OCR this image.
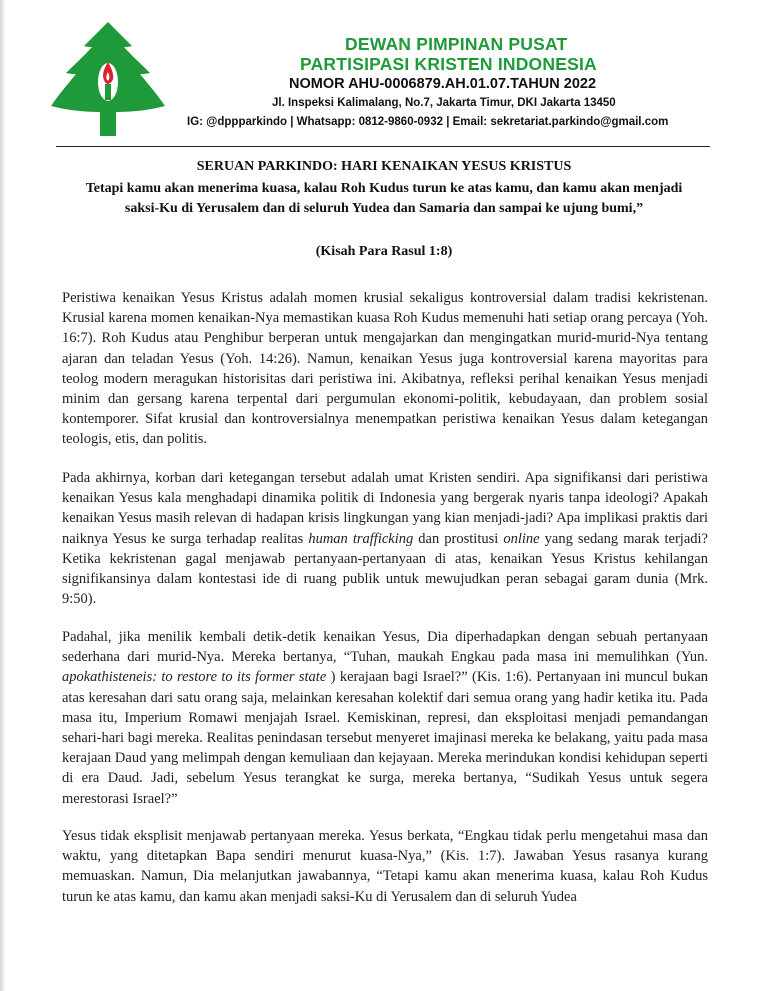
DEWAN PIMPINAN PUSAT
PARTISIPASI KRISTEN INDONESIA
NOMOR AHU-0006879.AH.01.07.TAHUN 2022
Jl. Inspeksi Kalimalang, No.7, Jakarta Timur, DKI Jakarta 13450
IG: @dppparkindo | Whatsapp: 0812-9860-0932 | Email: sekretariat.parkindo@gmail.com
SERUAN PARKINDO: HARI KENAIKAN YESUS KRISTUS
Tetapi kamu akan menerima kuasa, kalau Roh Kudus turun ke atas kamu, dan kamu akan menjadi saksi-Ku di Yerusalem dan di seluruh Yudea dan Samaria dan sampai ke ujung bumi,”
(Kisah Para Rasul 1:8)

Peristiwa kenaikan Yesus Kristus adalah momen krusial sekaligus kontroversial dalam tradisi kekristenan. Krusial karena momen kenaikan-Nya memastikan kuasa Roh Kudus memenuhi hati setiap orang percaya (Yoh. 16:7). Roh Kudus atau Penghibur berperan untuk mengajarkan dan mengingatkan murid-murid-Nya tentang ajaran dan teladan Yesus (Yoh. 14:26). Namun, kenaikan Yesus juga kontroversial karena mayoritas para teolog modern meragukan historisitas dari peristiwa ini. Akibatnya, refleksi perihal kenaikan Yesus menjadi minim dan gersang karena terpental dari pergumulan ekonomi-politik, kebudayaan, dan problem sosial kontemporer. Sifat krusial dan kontroversialnya menempatkan peristiwa kenaikan Yesus dalam ketegangan teologis, etis, dan politis.

Pada akhirnya, korban dari ketegangan tersebut adalah umat Kristen sendiri. Apa signifikansi dari peristiwa kenaikan Yesus kala menghadapi dinamika politik di Indonesia yang bergerak nyaris tanpa ideologi? Apakah kenaikan Yesus masih relevan di hadapan krisis lingkungan yang kian menjadi-jadi? Apa implikasi praktis dari naiknya Yesus ke surga terhadap realitas human trafficking dan prostitusi online yang sedang marak terjadi? Ketika kekristenan gagal menjawab pertanyaan-pertanyaan di atas, kenaikan Yesus Kristus kehilangan signifikansinya dalam kontestasi ide di ruang publik untuk mewujudkan peran sebagai garam dunia (Mrk. 9:50).

Padahal, jika menilik kembali detik-detik kenaikan Yesus, Dia diperhadapkan dengan sebuah pertanyaan sederhana dari murid-Nya. Mereka bertanya, “Tuhan, maukah Engkau pada masa ini memulihkan (Yun. apokathisteneis: to restore to its former state ) kerajaan bagi Israel?” (Kis. 1:6). Pertanyaan ini muncul bukan atas keresahan dari satu orang saja, melainkan keresahan kolektif dari semua orang yang hadir ketika itu. Pada masa itu, Imperium Romawi menjajah Israel. Kemiskinan, represi, dan eksploitasi menjadi pemandangan sehari-hari bagi mereka. Realitas penindasan tersebut menyeret imajinasi mereka ke belakang, yaitu pada masa kerajaan Daud yang melimpah dengan kemuliaan dan kejayaan. Mereka merindukan kondisi kehidupan seperti di era Daud. Jadi, sebelum Yesus terangkat ke surga, mereka bertanya, “Sudikah Yesus untuk segera merestorasi Israel?”

Yesus tidak eksplisit menjawab pertanyaan mereka. Yesus berkata, “Engkau tidak perlu mengetahui masa dan waktu, yang ditetapkan Bapa sendiri menurut kuasa-Nya,” (Kis. 1:7). Jawaban Yesus rasanya kurang memuaskan. Namun, Dia melanjutkan jawabannya, “Tetapi kamu akan menerima kuasa, kalau Roh Kudus turun ke atas kamu, dan kamu akan menjadi saksi-Ku di Yerusalem dan di seluruh Yudea
